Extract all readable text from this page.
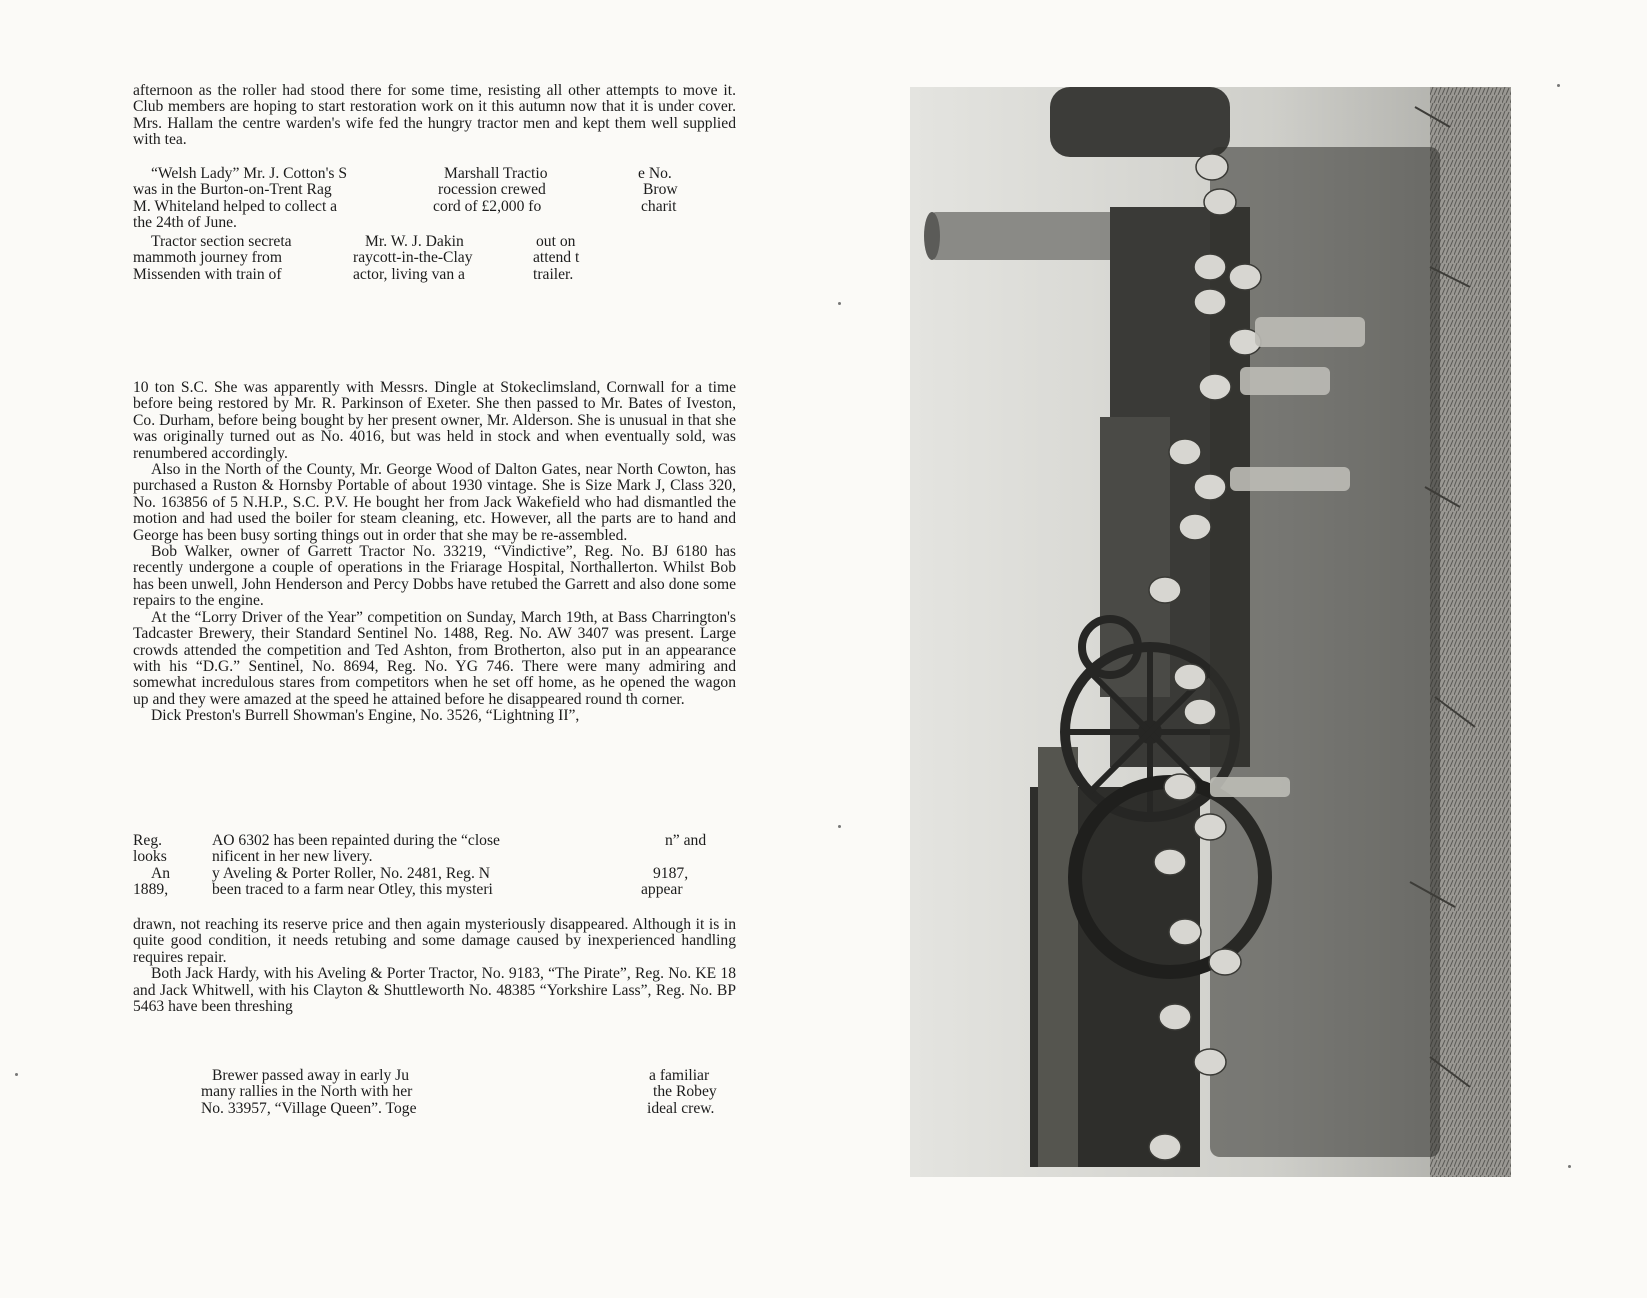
afternoon as the roller had stood there for some time, resisting all other attempts to move it. Club members are hoping to start restoration work on it this autumn now that it is under cover. Mrs. Hallam the centre warden's wife fed the hungry tractor men and kept them well supplied with tea.

“Welsh Lady” Mr. J. Cotton's S
was in the Burton-on-Trent Rag
M. Whiteland helped to collect a
the 24th of June.
Marshall Tractio
rocession crewed
cord of £2,000 fo
e No.
Brow
charit
Tractor section secreta
mammoth journey from
Missenden with train of
Mr. W. J. Dakin
raycott-in-the-Clay
actor, living van a
out on
attend t
trailer.

10 ton S.C. She was apparently with Messrs. Dingle at Stokeclimsland, Cornwall for a time before being restored by Mr. R. Parkinson of Exeter. She then passed to Mr. Bates of Iveston, Co. Durham, before being bought by her present owner, Mr. Alderson. She is unusual in that she was originally turned out as No. 4016, but was held in stock and when eventually sold, was renumbered accordingly.

Also in the North of the County, Mr. George Wood of Dalton Gates, near North Cowton, has purchased a Ruston & Hornsby Portable of about 1930 vintage. She is Size Mark J, Class 320, No. 163856 of 5 N.H.P., S.C. P.V. He bought her from Jack Wakefield who had dismantled the motion and had used the boiler for steam cleaning, etc. However, all the parts are to hand and George has been busy sorting things out in order that she may be re-assembled.

Bob Walker, owner of Garrett Tractor No. 33219, “Vindictive”, Reg. No. BJ 6180 has recently undergone a couple of operations in the Friarage Hospital, Northallerton. Whilst Bob has been unwell, John Henderson and Percy Dobbs have retubed the Garrett and also done some repairs to the engine.

At the “Lorry Driver of the Year” competition on Sunday, March 19th, at Bass Charrington's Tadcaster Brewery, their Standard Sentinel No. 1488, Reg. No. AW 3407 was present. Large crowds attended the competition and Ted Ashton, from Brotherton, also put in an appearance with his “D.G.” Sentinel, No. 8694, Reg. No. YG 746. There were many admiring and somewhat incredulous stares from competitors when he set off home, as he opened the wagon up and they were amazed at the speed he attained before he disappeared round th corner.

Dick Preston's Burrell Showman's Engine, No. 3526, “Lightning II”,

Reg.
looks
An
1889,
AO 6302 has been repainted during the “close
nificent in her new livery.
y Aveling & Porter Roller, No. 2481, Reg. N
been traced to a farm near Otley, this mysteri
n” and
9187,
appear

drawn, not reaching its reserve price and then again mysteriously disappeared. Although it is in quite good condition, it needs retubing and some damage caused by inexperienced handling requires repair.

Both Jack Hardy, with his Aveling & Porter Tractor, No. 9183, “The Pirate”, Reg. No. KE 18 and Jack Whitwell, with his Clayton & Shuttleworth No. 48385 “Yorkshire Lass”, Reg. No. BP 5463 have been threshing

Brewer passed away in early Ju
many rallies in the North with her
No. 33957, “Village Queen”. Toge
a familiar
the Robey
ideal crew.
